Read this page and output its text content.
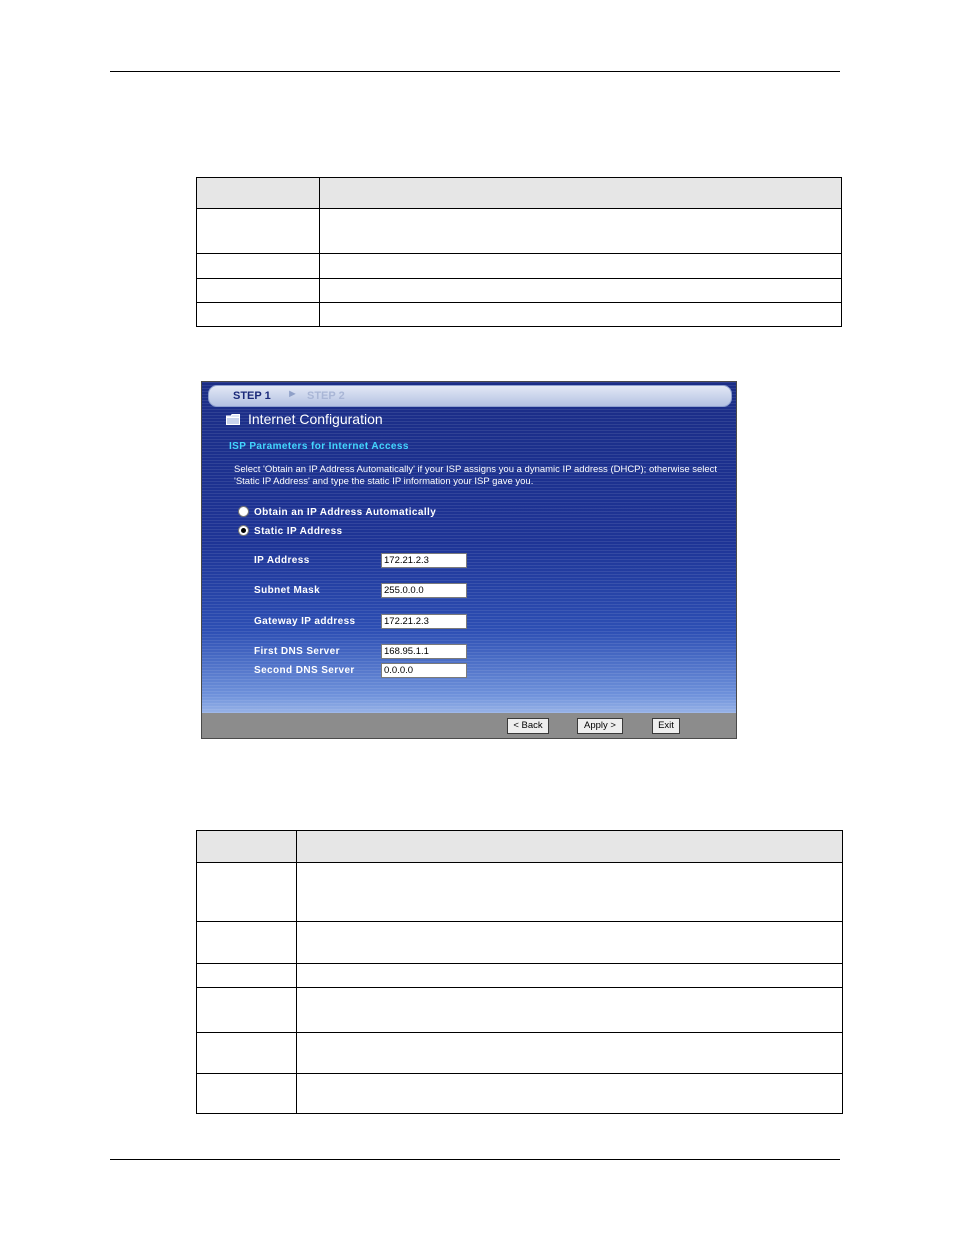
STEP 1 ► STEP 2
Internet Configuration
ISP Parameters for Internet Access
Select 'Obtain an IP Address Automatically' if your ISP assigns you a dynamic IP address (DHCP); otherwise select 'Static IP Address' and type the static IP information your ISP gave you.
Obtain an IP Address Automatically
Static IP Address
IP Address	172.21.2.3
Subnet Mask	255.0.0.0
Gateway IP address	172.21.2.3
First DNS Server	168.95.1.1
Second DNS Server	0.0.0.0
< Back	Apply >	Exit
